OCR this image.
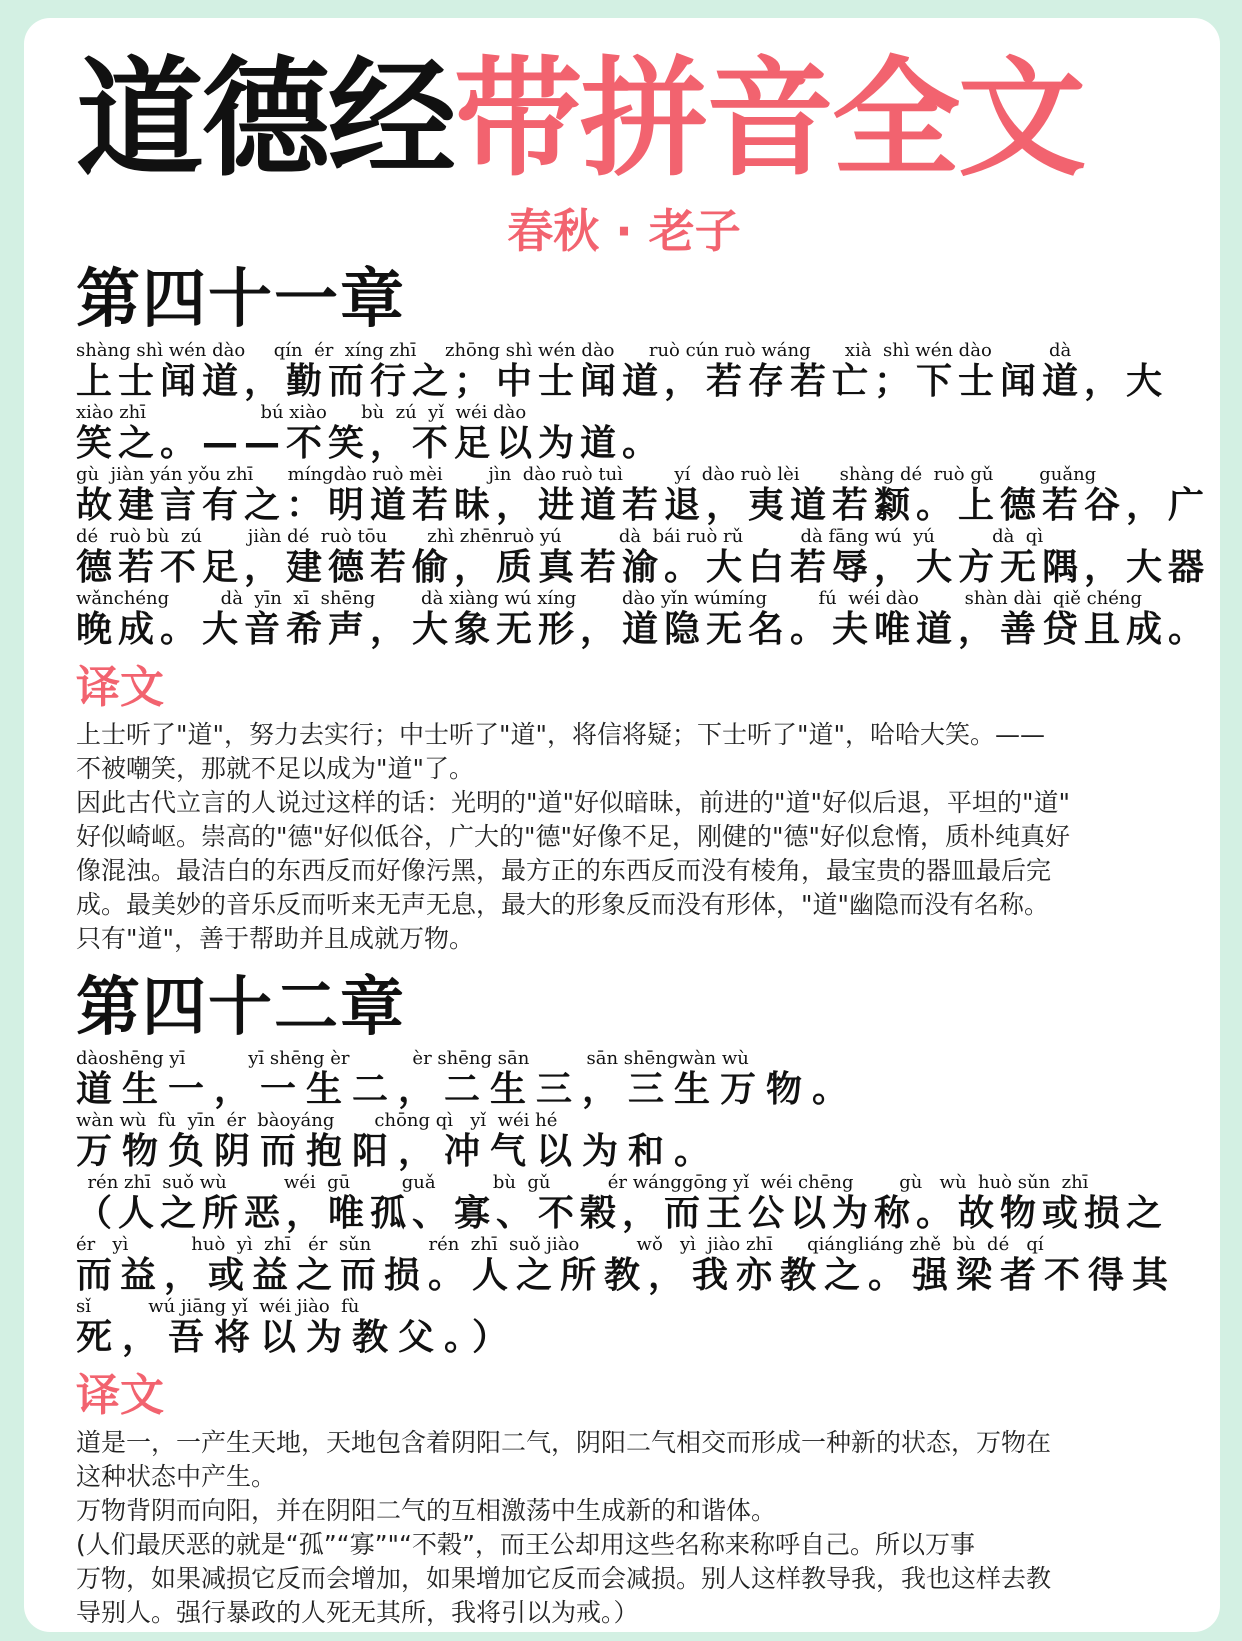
道德经带拼音全文
春秋 · 老子
第四十一章
shàng shì wén dào     qín  ér  xíng zhī     zhōng shì wén dào      ruò cún ruò wáng      xià  shì wén dào          dà
上士闻道，勤而行之；中士闻道，若存若亡；下士闻道，大
xiào zhī                    bú xiào      bù  zú  yǐ  wéi dào
笑之。——不笑，不足以为道。
gù  jiàn yán yǒu zhī      míngdào ruò mèi        jìn  dào ruò tuì         yí  dào ruò lèi       shàng dé  ruò gǔ        guǎng
故建言有之：明道若昧，进道若退，夷道若颣。上德若谷，广
dé  ruò bù  zú        jiàn dé  ruò tōu       zhì zhēnruò yú          dà  bái ruò rǔ          dà fāng wú  yú          dà  qì
德若不足，建德若偷，质真若渝。大白若辱，大方无隅，大器
wǎnchéng         dà  yīn  xī  shēng        dà xiàng wú xíng        dào yǐn wúmíng         fú  wéi dào        shàn dài  qiě chéng
晚成。大音希声，大象无形，道隐无名。夫唯道，善贷且成。
译文

上士听了"道"，努力去实行；中士听了"道"，将信将疑；下士听了"道"，哈哈大笑。——

不被嘲笑，那就不足以成为"道"了。

因此古代立言的人说过这样的话：光明的"道"好似暗昧，前进的"道"好似后退，平坦的"道"

好似崎岖。崇高的"德"好似低谷，广大的"德"好像不足，刚健的"德"好似怠惰，质朴纯真好

像混浊。最洁白的东西反而好像污黑，最方正的东西反而没有棱角，最宝贵的器皿最后完

成。最美妙的音乐反而听来无声无息，最大的形象反而没有形体，"道"幽隐而没有名称。

只有"道"，善于帮助并且成就万物。

第四十二章
dàoshēng yī           yī shēng èr           èr shēng sān          sān shēngwàn wù
道生一，一生二，二生三，三生万物。
wàn wù  fù  yīn  ér  bàoyáng       chōng qì   yǐ  wéi hé
万物负阴而抱阳，冲气以为和。
rén zhī  suǒ wù          wéi  gū         guǎ          bù  gǔ          ér wánggōng yǐ  wéi chēng        gù   wù  huò sǔn  zhī
（人之所恶，唯孤、寡、不榖，而王公以为称。故物或损之
ér   yì           huò  yì  zhī   ér  sǔn          rén  zhī  suǒ jiào          wǒ   yì  jiào zhī      qiángliáng zhě  bù  dé   qí
而益，或益之而损。人之所教，我亦教之。强梁者不得其
sǐ          wú jiāng yǐ  wéi jiào  fù
死，吾将以为教父。）
译文

道是一，一产生天地，天地包含着阴阳二气，阴阳二气相交而形成一种新的状态，万物在

这种状态中产生。

万物背阴而向阳，并在阴阳二气的互相激荡中生成新的和谐体。

(人们最厌恶的就是“孤”“寡”"“不榖”，而王公却用这些名称来称呼自己。所以万事

万物，如果减损它反而会增加，如果增加它反而会减损。别人这样教导我，我也这样去教

导别人。强行暴政的人死无其所，我将引以为戒。）
